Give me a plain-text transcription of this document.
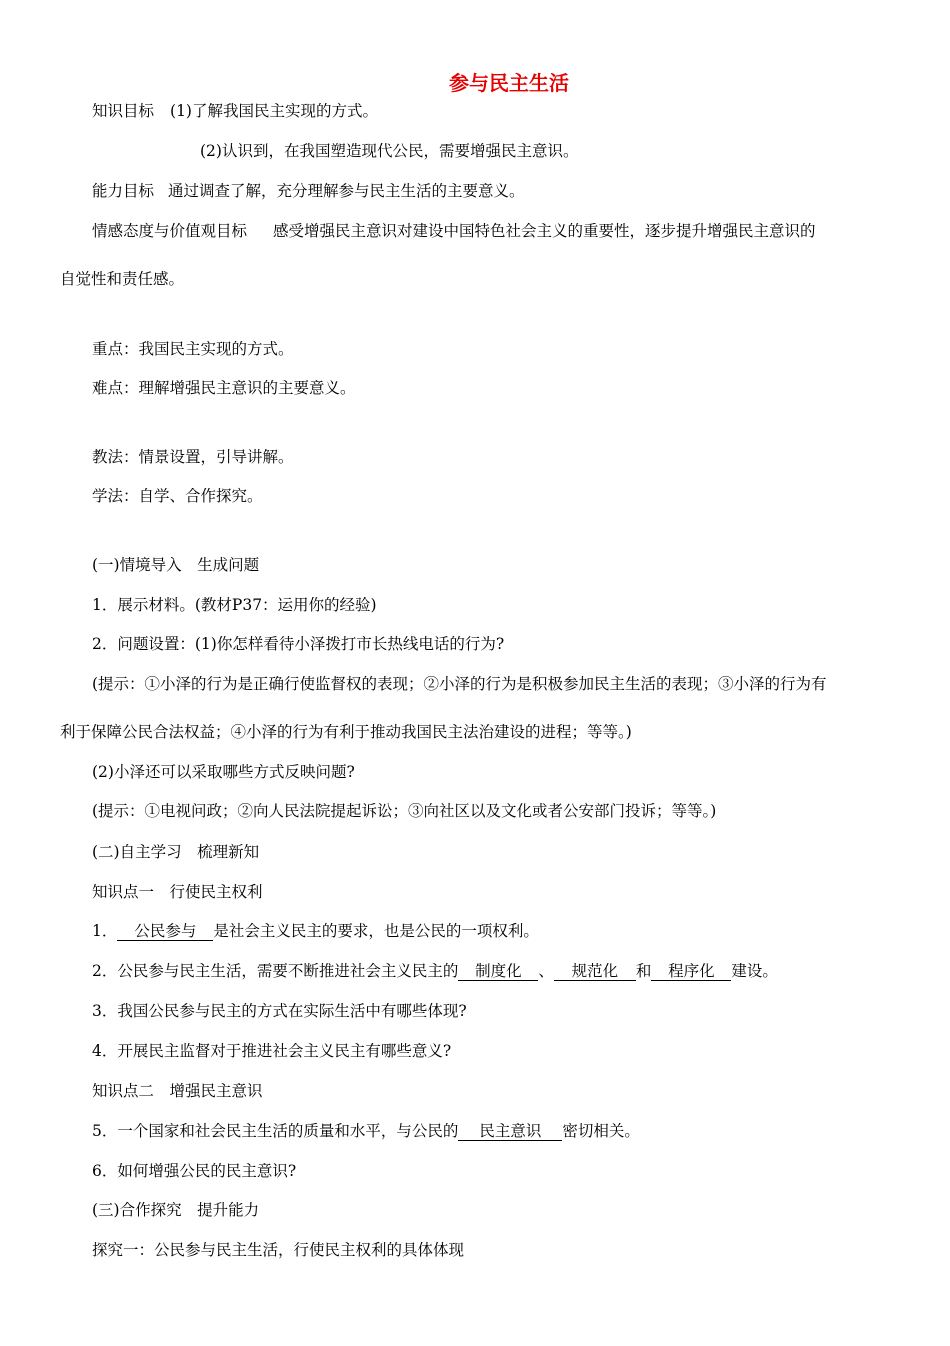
参与民主生活
知识目标 (1)了解我国民主实现的方式。
(2)认识到，在我国塑造现代公民，需要增强民主意识。
能力目标 通过调查了解，充分理解参与民主生活的主要意义。
情感态度与价值观目标 感受增强民主意识对建设中国特色社会主义的重要性，逐步提升增强民主意识的
自觉性和责任感。
重点：我国民主实现的方式。
难点：理解增强民主意识的主要意义。
教法：情景设置，引导讲解。
学法：自学、合作探究。
(一)情境导入　生成问题
1．展示材料。(教材P37：运用你的经验)
2．问题设置：(1)你怎样看待小泽拨打市长热线电话的行为?
(提示：①小泽的行为是正确行使监督权的表现；②小泽的行为是积极参加民主生活的表现；③小泽的行为有
利于保障公民合法权益；④小泽的行为有利于推动我国民主法治建设的进程；等等。)
(2)小泽还可以采取哪些方式反映问题?
(提示：①电视问政；②向人民法院提起诉讼；③向社区以及文化或者公安部门投诉；等等。)
(二)自主学习　梳理新知
知识点一　行使民主权利
1． 公民参与 是社会主义民主的要求，也是公民的一项权利。
2．公民参与民主生活，需要不断推进社会主义民主的 制度化 、 规范化 和 程序化 建设。
3．我国公民参与民主的方式在实际生活中有哪些体现?
4．开展民主监督对于推进社会主义民主有哪些意义?
知识点二　增强民主意识
5．一个国家和社会民主生活的质量和水平，与公民的 民主意识 密切相关。
6．如何增强公民的民主意识?
(三)合作探究　提升能力
探究一：公民参与民主生活，行使民主权利的具体体现
